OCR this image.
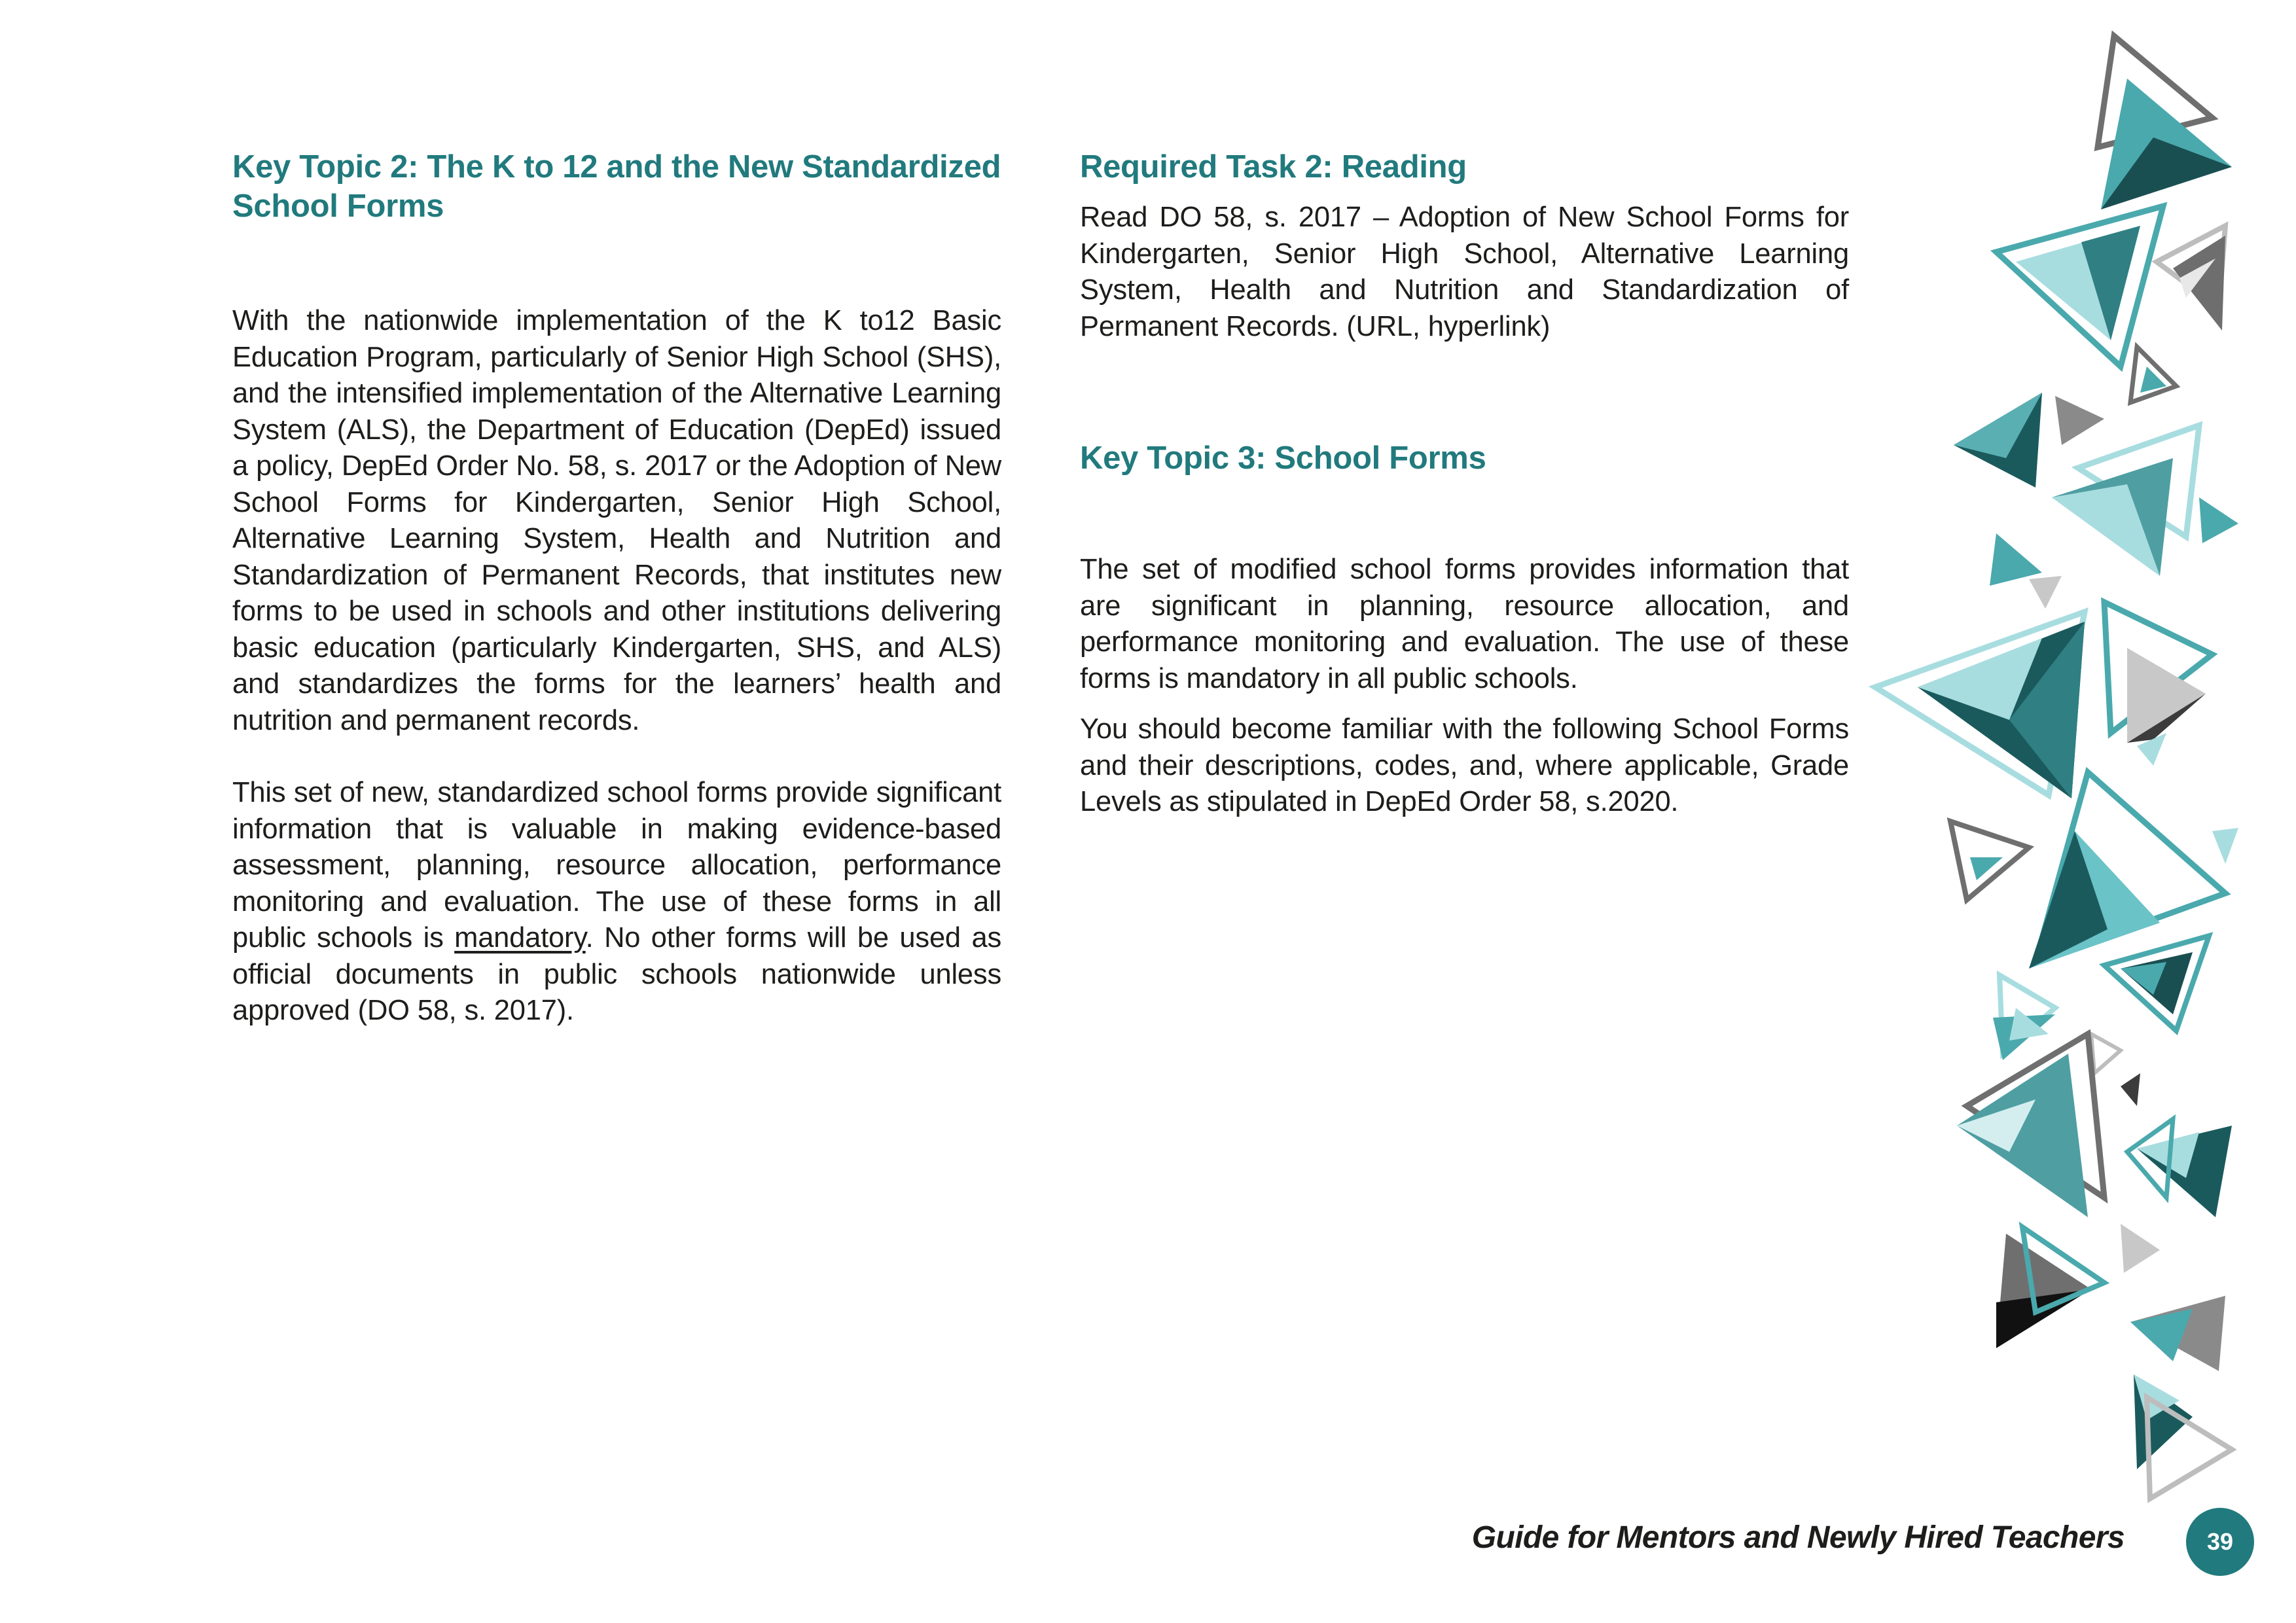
Key Topic 2: The K to 12 and the New Standardized School Forms

With the nationwide implementation of the K to12 Basic Education Program, particularly of Senior High School (SHS), and the intensified implementation of the Alternative Learning System (ALS), the Department of Education (DepEd) issued a policy, DepEd Order No. 58, s. 2017 or the Adoption of New School Forms for Kindergarten, Senior High School, Alternative Learning System, Health and Nutrition and Standardization of Permanent Records, that institutes new forms to be used in schools and other institutions delivering basic education (particularly Kindergarten, SHS, and ALS) and standardizes the forms for the learners’ health and nutrition and permanent records.

This set of new, standardized school forms provide significant information that is valuable in making evidence-based assessment, planning, resource allocation, performance monitoring and evaluation. The use of these forms in all public schools is mandatory. No other forms will be used as official documents in public schools nationwide unless approved (DO 58, s. 2017).

Required Task 2: Reading

Read DO 58, s. 2017 – Adoption of New School Forms for Kindergarten, Senior High School, Alternative Learning System, Health and Nutrition and Standardization of Permanent Records. (URL, hyperlink)

Key Topic 3: School Forms

The set of modified school forms provides information that are significant in planning, resource allocation, and performance monitoring and evaluation. The use of these forms is mandatory in all public schools.

You should become familiar with the following School Forms and their descriptions, codes, and, where applicable, Grade Levels as stipulated in DepEd Order 58, s.2020.

Guide for Mentors and Newly Hired Teachers	39
